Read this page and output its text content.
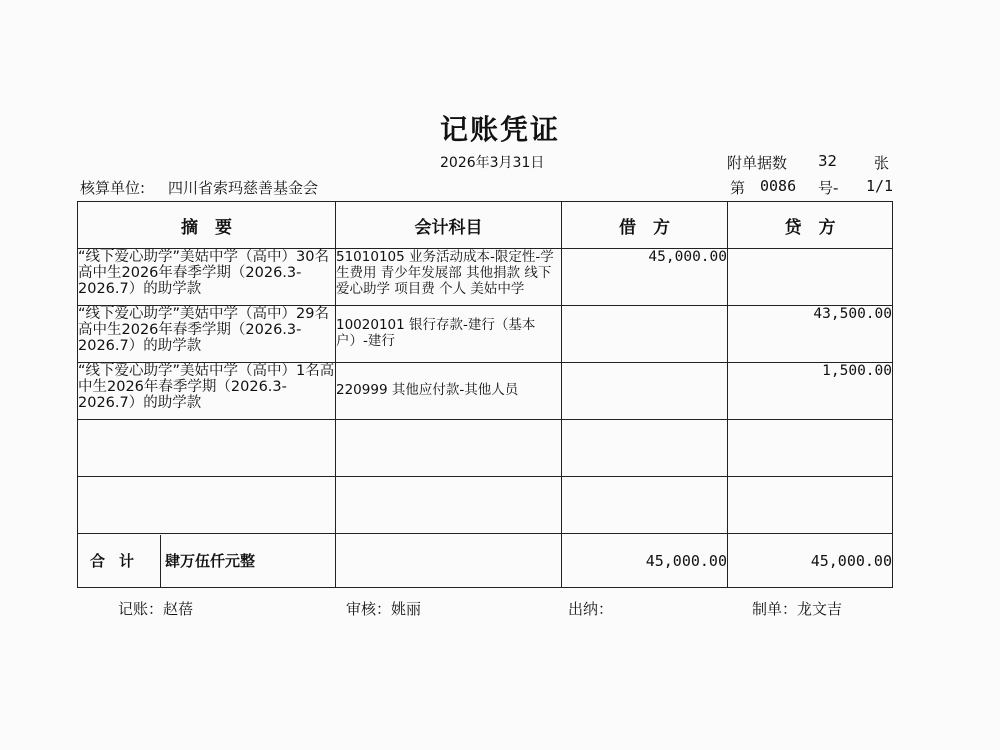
记账凭证
2026年3月31日	附单据数 32 张
核算单位: 四川省索玛慈善基金会	第 0086 号- 1/1
摘　要	会计科目	借　方	贷　方
“线下爱心助学”美姑中学（高中）30名高中生2026年春季学期（2026.3-2026.7）的助学款	51010105 业务活动成本-限定性-学生费用 青少年发展部 其他捐款 线下爱心助学 项目费 个人 美姑中学	45,000.00	
“线下爱心助学”美姑中学（高中）29名高中生2026年春季学期（2026.3-2026.7）的助学款	10020101 银行存款-建行（基本户）-建行		43,500.00
“线下爱心助学”美姑中学（高中）1名高中生2026年春季学期（2026.3-2026.7）的助学款	220999 其他应付款-其他人员		1,500.00

合计 肆万伍仟元整		45,000.00	45,000.00
记账：赵蓓	审核：姚丽	出纳：	制单：龙文吉
